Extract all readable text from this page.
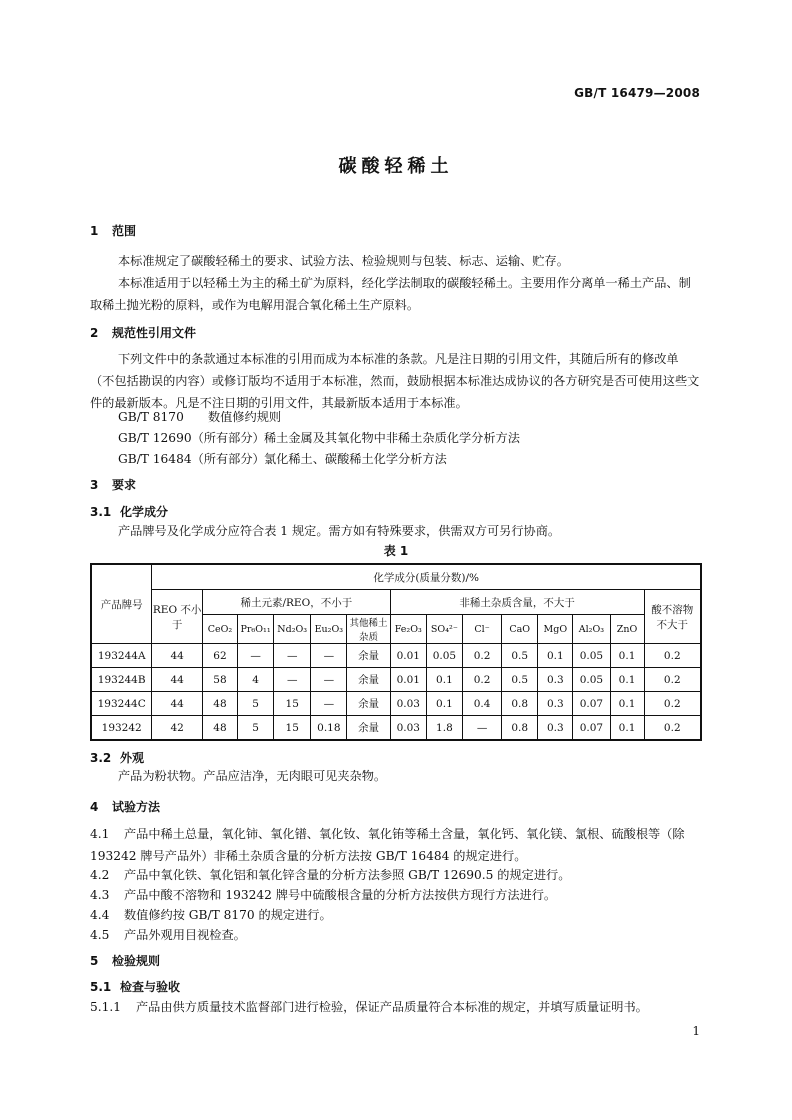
GB/T 16479—2008
碳酸轻稀土
1 范围
本标准规定了碳酸轻稀土的要求、试验方法、检验规则与包装、标志、运输、贮存。
本标准适用于以轻稀土为主的稀土矿为原料，经化学法制取的碳酸轻稀土。主要用作分离单一稀土产品、制取稀土抛光粉的原料，或作为电解用混合氧化稀土生产原料。
2 规范性引用文件
下列文件中的条款通过本标准的引用而成为本标准的条款。凡是注日期的引用文件，其随后所有的修改单（不包括勘误的内容）或修订版均不适用于本标准，然而，鼓励根据本标准达成协议的各方研究是否可使用这些文件的最新版本。凡是不注日期的引用文件，其最新版本适用于本标准。
GB/T 8170 数值修约规则
GB/T 12690（所有部分）稀土金属及其氧化物中非稀土杂质化学分析方法
GB/T 16484（所有部分）氯化稀土、碳酸稀土化学分析方法
3 要求
3.1 化学成分
产品牌号及化学成分应符合表 1 规定。需方如有特殊要求，供需双方可另行协商。
表 1
产品牌号	化学成分(质量分数)/%													
	REO 不小于	稀土元素/REO，不小于					非稀土杂质含量，不大于							酸不溶物 不大于
		CeO₂	Pr₆O₁₁	Nd₂O₃	Eu₂O₃	其他稀土杂质	Fe₂O₃	SO₄²⁻	Cl⁻	CaO	MgO	Al₂O₃	ZnO	
193244A	44	62	—	—	—	余量	0.01	0.05	0.2	0.5	0.1	0.05	0.1	0.2
193244B	44	58	4	—	—	余量	0.01	0.1	0.2	0.5	0.3	0.05	0.1	0.2
193244C	44	48	5	15	—	余量	0.03	0.1	0.4	0.8	0.3	0.07	0.1	0.2
193242	42	48	5	15	0.18	余量	0.03	1.8	—	0.8	0.3	0.07	0.1	0.2
3.2 外观
产品为粉状物。产品应洁净，无肉眼可见夹杂物。
4 试验方法
4.1 产品中稀土总量，氧化铈、氧化镨、氧化钕、氧化铕等稀土含量，氧化钙、氧化镁、氯根、硫酸根等（除 193242 牌号产品外）非稀土杂质含量的分析方法按 GB/T 16484 的规定进行。
4.2 产品中氧化铁、氧化铝和氧化锌含量的分析方法参照 GB/T 12690.5 的规定进行。
4.3 产品中酸不溶物和 193242 牌号中硫酸根含量的分析方法按供方现行方法进行。
4.4 数值修约按 GB/T 8170 的规定进行。
4.5 产品外观用目视检查。
5 检验规则
5.1 检查与验收
5.1.1 产品由供方质量技术监督部门进行检验，保证产品质量符合本标准的规定，并填写质量证明书。
1
